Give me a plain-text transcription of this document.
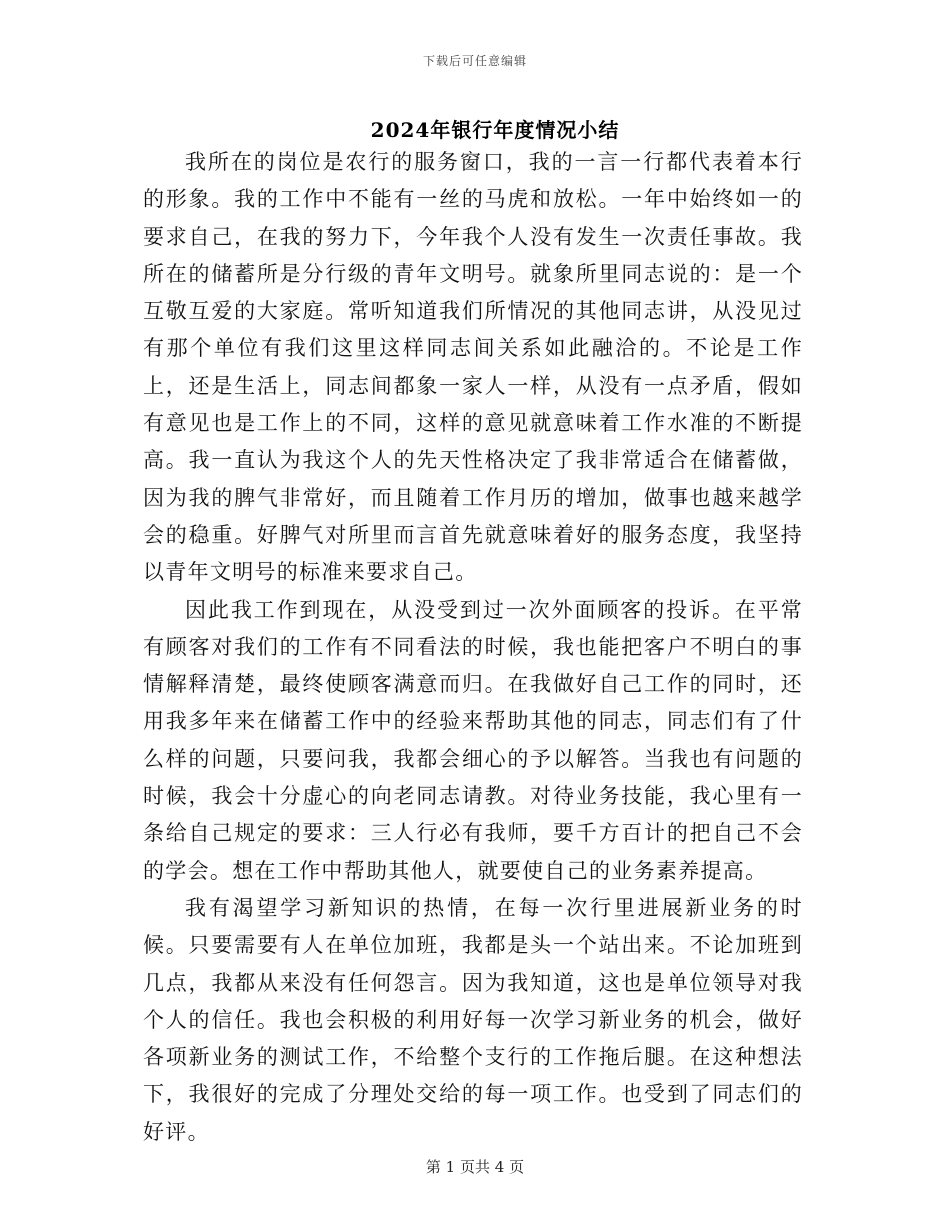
下载后可任意编辑
2024年银行年度情况小结

我所在的岗位是农行的服务窗口，我的一言一行都代表着本行的形象。我的工作中不能有一丝的马虎和放松。一年中始终如一的要求自己，在我的努力下，今年我个人没有发生一次责任事故。我所在的储蓄所是分行级的青年文明号。就象所里同志说的：是一个互敬互爱的大家庭。常听知道我们所情况的其他同志讲，从没见过有那个单位有我们这里这样同志间关系如此融洽的。不论是工作上，还是生活上，同志间都象一家人一样，从没有一点矛盾，假如有意见也是工作上的不同，这样的意见就意味着工作水准的不断提高。我一直认为我这个人的先天性格决定了我非常适合在储蓄做，因为我的脾气非常好，而且随着工作月历的增加，做事也越来越学会的稳重。好脾气对所里而言首先就意味着好的服务态度，我坚持以青年文明号的标准来要求自己。

因此我工作到现在，从没受到过一次外面顾客的投诉。在平常有顾客对我们的工作有不同看法的时候，我也能把客户不明白的事情解释清楚，最终使顾客满意而归。在我做好自己工作的同时，还用我多年来在储蓄工作中的经验来帮助其他的同志，同志们有了什么样的问题，只要问我，我都会细心的予以解答。当我也有问题的时候，我会十分虚心的向老同志请教。对待业务技能，我心里有一条给自己规定的要求：三人行必有我师，要千方百计的把自己不会的学会。想在工作中帮助其他人，就要使自己的业务素养提高。

我有渴望学习新知识的热情，在每一次行里进展新业务的时候。只要需要有人在单位加班，我都是头一个站出来。不论加班到几点，我都从来没有任何怨言。因为我知道，这也是单位领导对我个人的信任。我也会积极的利用好每一次学习新业务的机会，做好各项新业务的测试工作，不给整个支行的工作拖后腿。在这种想法下，我很好的完成了分理处交给的每一项工作。也受到了同志们的好评。

第 1 页共 4 页
